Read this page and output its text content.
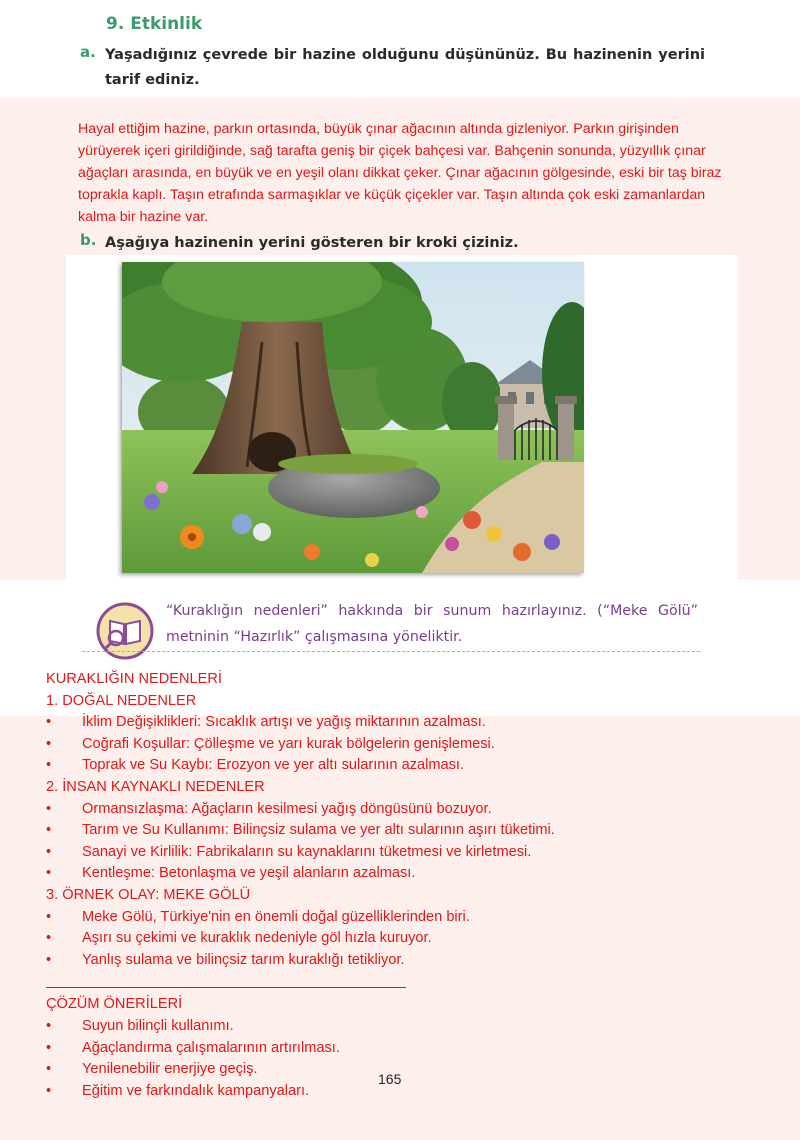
9. Etkinlik
a. Yaşadığınız çevrede bir hazine olduğunu düşününüz. Bu hazinenin yerini tarif ediniz.
Hayal ettiğim hazine, parkın ortasında, büyük çınar ağacının altında gizleniyor. Parkın girişinden yürüyerek içeri girildiğinde, sağ tarafta geniş bir çiçek bahçesi var. Bahçenin sonunda, yüzyıllık çınar ağaçları arasında, en büyük ve en yeşil olanı dikkat çeker. Çınar ağacının gölgesinde, eski bir taş biraz toprakla kaplı. Taşın etrafında sarmaşıklar ve küçük çiçekler var. Taşın altında çok eski zamanlardan kalma bir hazine var.
b. Aşağıya hazinenin yerini gösteren bir kroki çiziniz.
“Kuraklığın nedenleri” hakkında bir sunum hazırlayınız. (“Meke Gölü” metninin “Hazırlık” çalışmasına yöneliktir.
KURAKLIĞIN NEDENLERİ
1. DOĞAL NEDENLER
• İklim Değişiklikleri: Sıcaklık artışı ve yağış miktarının azalması.
• Coğrafi Koşullar: Çölleşme ve yarı kurak bölgelerin genişlemesi.
• Toprak ve Su Kaybı: Erozyon ve yer altı sularının azalması.
2. İNSAN KAYNAKLI NEDENLER
• Ormansızlaşma: Ağaçların kesilmesi yağış döngüsünü bozuyor.
• Tarım ve Su Kullanımı: Bilinçsiz sulama ve yer altı sularının aşırı tüketimi.
• Sanayi ve Kirlilik: Fabrikaların su kaynaklarını tüketmesi ve kirletmesi.
• Kentleşme: Betonlaşma ve yeşil alanların azalması.
3. ÖRNEK OLAY: MEKE GÖLÜ
• Meke Gölü, Türkiye'nin en önemli doğal güzelliklerinden biri.
• Aşırı su çekimi ve kuraklık nedeniyle göl hızla kuruyor.
• Yanlış sulama ve bilinçsiz tarım kuraklığı tetikliyor.
ÇÖZÜM ÖNERİLERİ
• Suyun bilinçli kullanımı.
• Ağaçlandırma çalışmalarının artırılması.
• Yenilenebilir enerjiye geçiş.
• Eğitim ve farkındalık kampanyaları.
165
